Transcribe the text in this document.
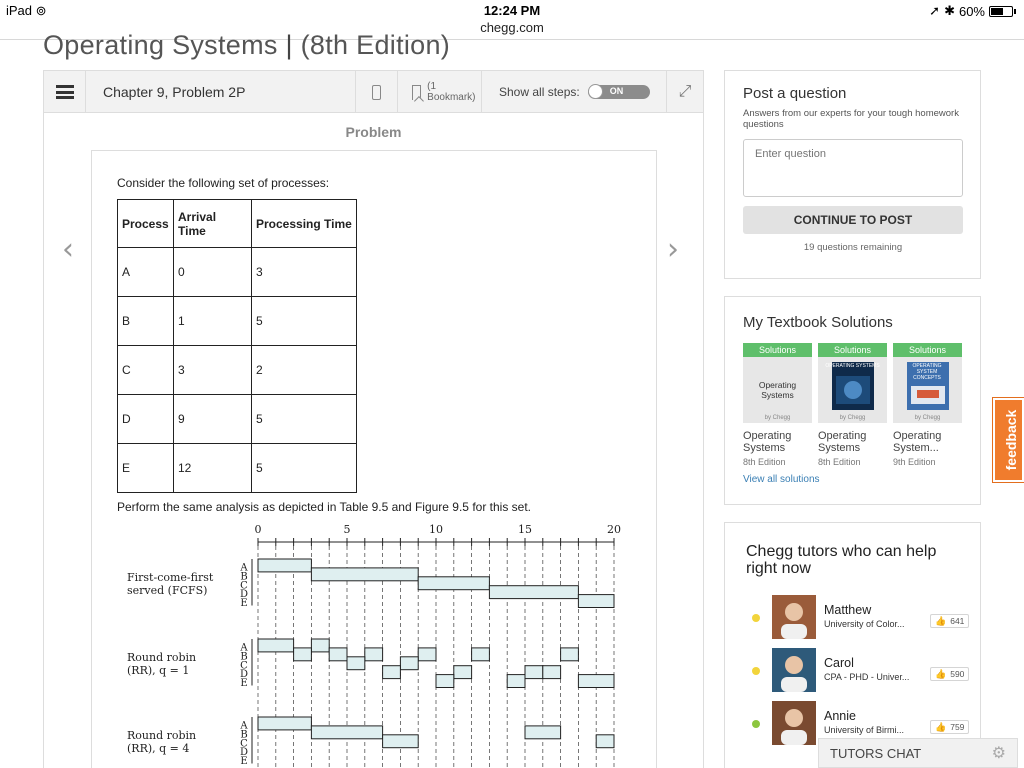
iPad ⊚	12:24 PM	➚ ✱ 60%
chegg.com
Operating Systems | (8th Edition)
Chapter 9, Problem 2P	(1 Bookmark)	Show all steps:	ON	⤢
Problem
Consider the following set of processes:
Process	Arrival Time	Processing Time
A	0	3
B	1	5
C	3	2
D	9	5
E	12	5
Perform the same analysis as depicted in Table 9.5 and Figure 9.5 for this set.
0	5	10	15	20
First-come-first
served (FCFS)
A
B
C
D
E
Round robin
(RR), q = 1
A
B
C
D
E
Round robin
(RR), q = 4
A
B
C
D
E
‹	›
Post a question
Answers from our experts for your tough homework questions
Enter question
CONTINUE TO POST
19 questions remaining
My Textbook Solutions
Solutions
Operating Systems
by Chegg
Operating
Systems
8th Edition
Solutions
OPERATING SYSTEMS
by Chegg
Operating
Systems
8th Edition
Solutions
OPERATING SYSTEM CONCEPTS
by Chegg
Operating
System...
9th Edition
View all solutions
Chegg tutors who can help right now
Matthew
University of Color...	👍 641
Carol
CPA - PHD - Univer...	👍 590
Annie
University of Birmi...	👍 759
TUTORS CHAT	⚙
feedback
